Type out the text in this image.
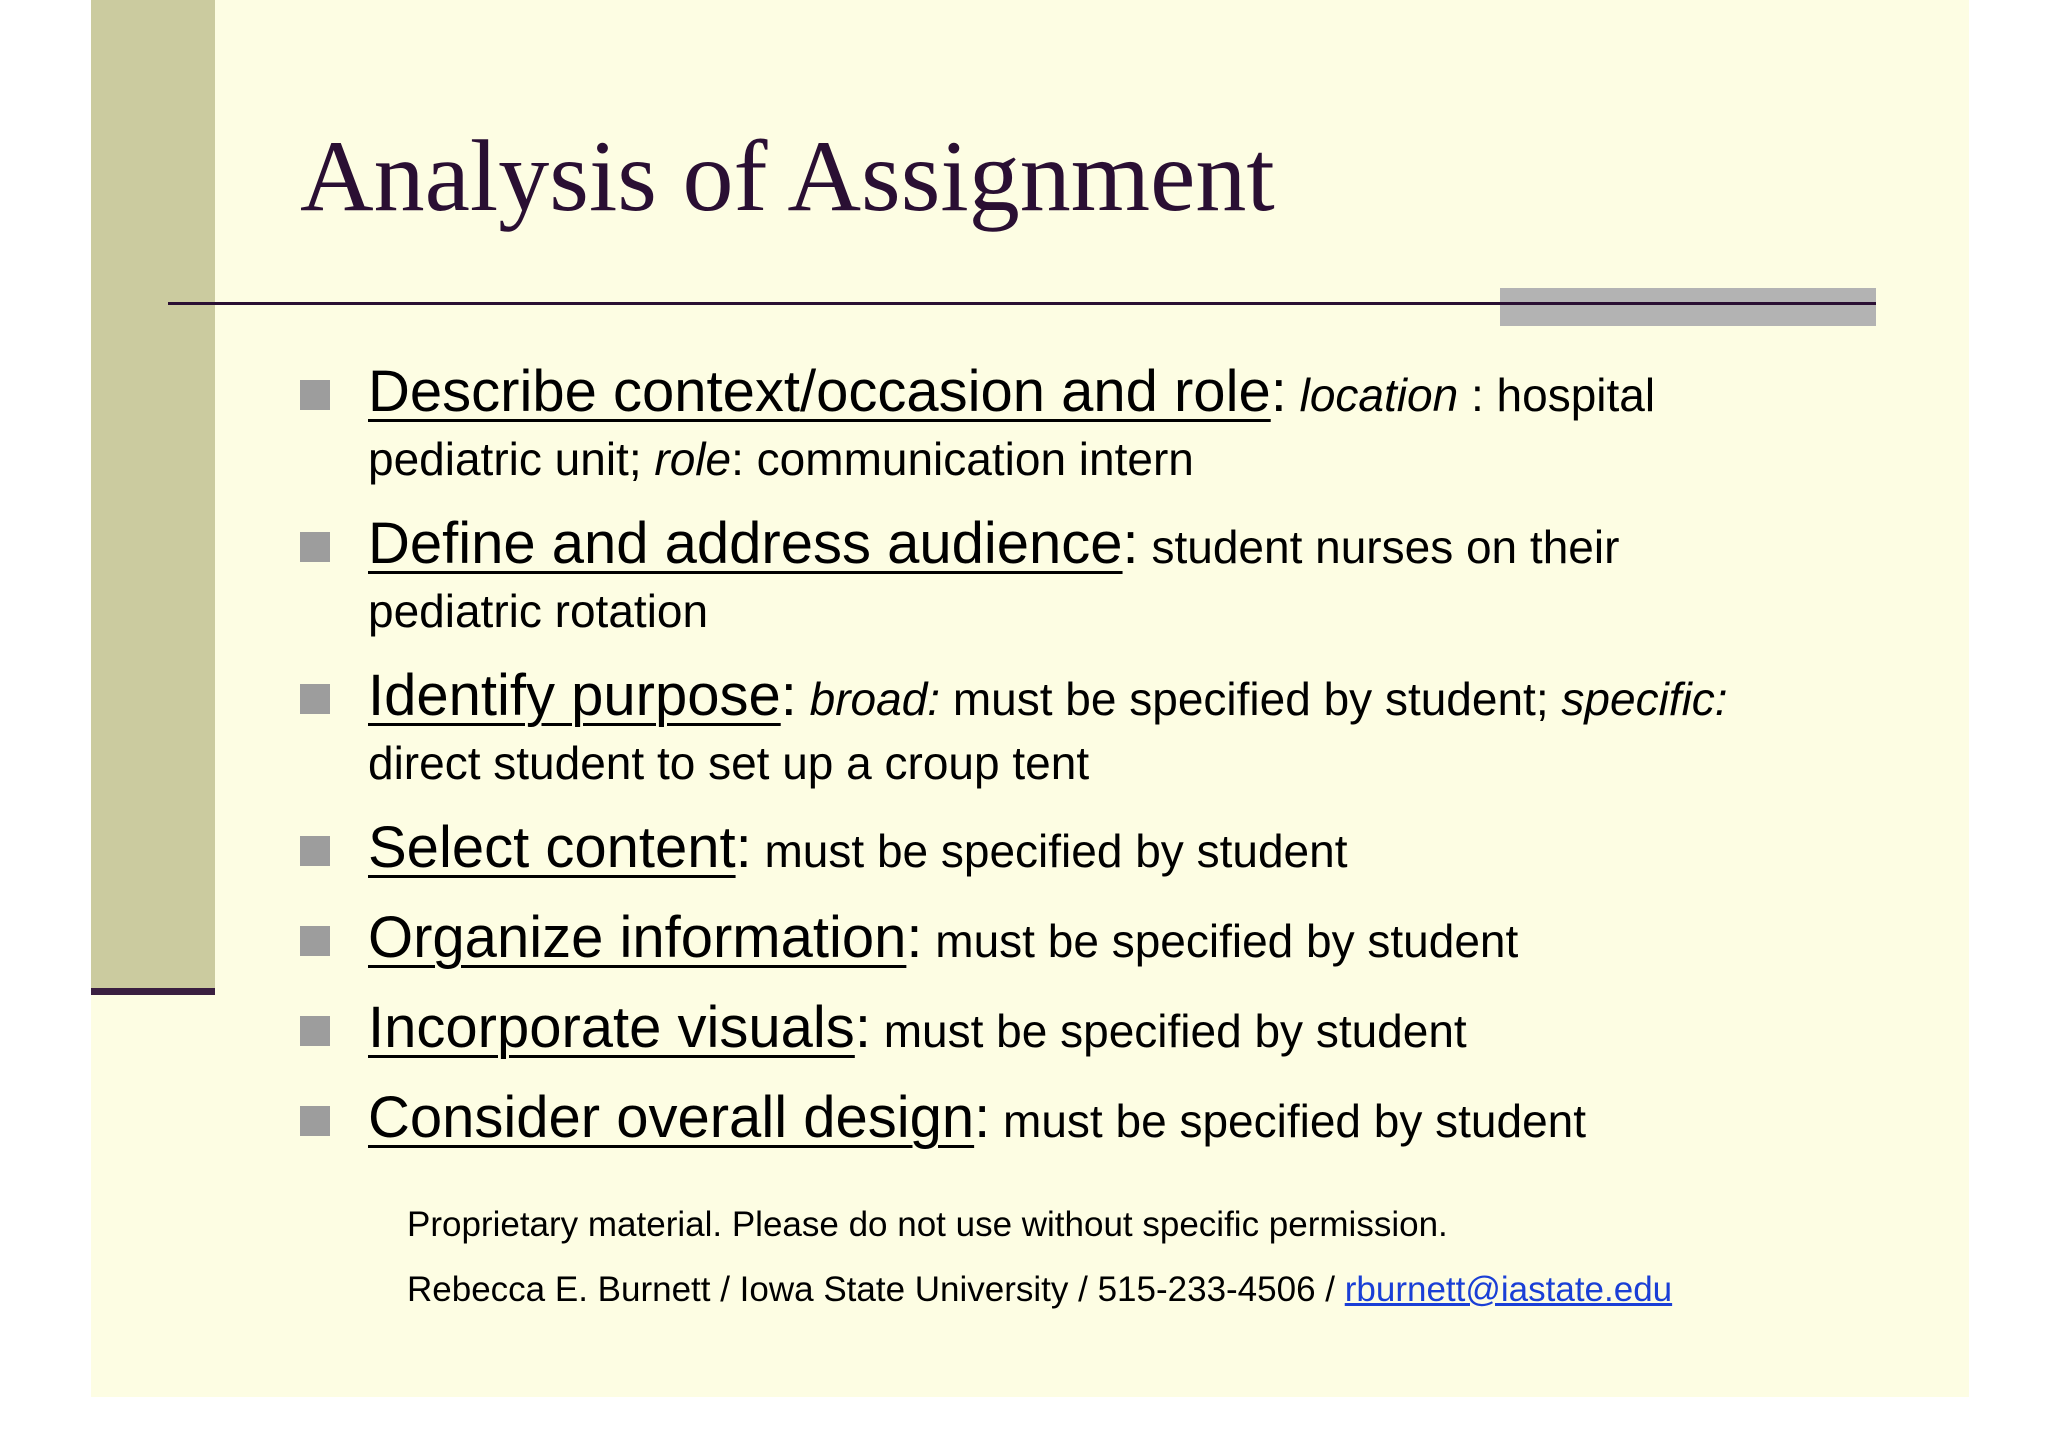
Analysis of Assignment
Describe context/occasion and role: location : hospital pediatric unit; role: communication intern
Define and address audience: student nurses on their pediatric rotation
Identify purpose: broad: must be specified by student; specific: direct student to set up a croup tent
Select content: must be specified by student
Organize information: must be specified by student
Incorporate visuals: must be specified by student
Consider overall design: must be specified by student
Proprietary material. Please do not use without specific permission.
Rebecca E. Burnett / Iowa State University / 515-233-4506 / rburnett@iastate.edu
